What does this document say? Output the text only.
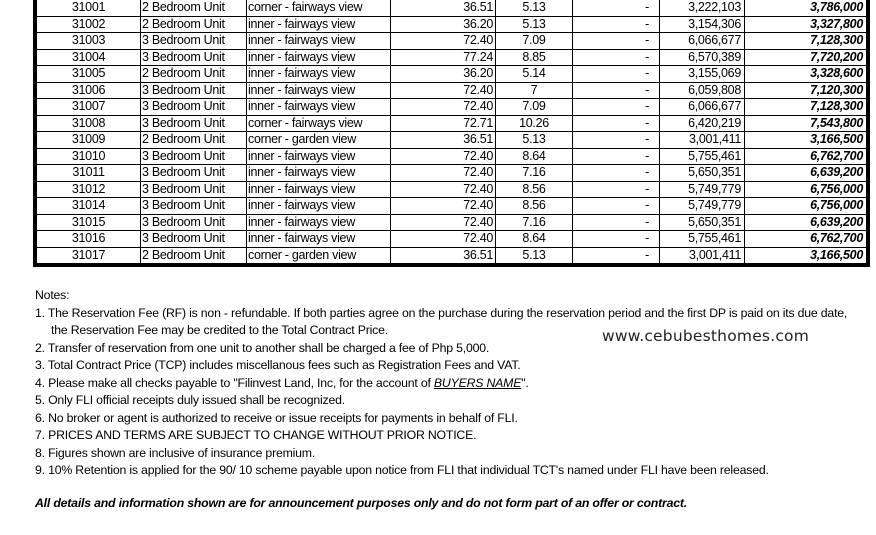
31001	2 Bedroom Unit	corner - fairways view	36.51	5.13	-	3,222,103	3,786,000
31002	2 Bedroom Unit	inner - fairways view	36.20	5.13	-	3,154,306	3,327,800
31003	3 Bedroom Unit	inner - fairways view	72.40	7.09	-	6,066,677	7,128,300
31004	3 Bedroom Unit	inner - fairways view	77.24	8.85	-	6,570,389	7,720,200
31005	2 Bedroom Unit	inner - fairways view	36.20	5.14	-	3,155,069	3,328,600
31006	3 Bedroom Unit	inner - fairways view	72.40	7	-	6,059,808	7,120,300
31007	3 Bedroom Unit	inner - fairways view	72.40	7.09	-	6,066,677	7,128,300
31008	3 Bedroom Unit	corner - fairways view	72.71	10.26	-	6,420,219	7,543,800
31009	2 Bedroom Unit	corner - garden view	36.51	5.13	-	3,001,411	3,166,500
31010	3 Bedroom Unit	inner - fairways view	72.40	8.64	-	5,755,461	6,762,700
31011	3 Bedroom Unit	inner - fairways view	72.40	7.16	-	5,650,351	6,639,200
31012	3 Bedroom Unit	inner - fairways view	72.40	8.56	-	5,749,779	6,756,000
31014	3 Bedroom Unit	inner - fairways view	72.40	8.56	-	5,749,779	6,756,000
31015	3 Bedroom Unit	inner - fairways view	72.40	7.16	-	5,650,351	6,639,200
31016	3 Bedroom Unit	inner - fairways view	72.40	8.64	-	5,755,461	6,762,700
31017	2 Bedroom Unit	corner - garden view	36.51	5.13	-	3,001,411	3,166,500
Notes:
1. The Reservation Fee (RF) is non - refundable. If both parties agree on the purchase during the reservation period and the first DP is paid on its due date,
the Reservation Fee may be credited to the Total Contract Price.
2. Transfer of reservation from one unit to another shall be charged a fee of Php 5,000.
3. Total Contract Price (TCP) includes miscellanous fees such as Registration Fees and VAT.
4. Please make all checks payable to "Filinvest Land, Inc, for the account of BUYERS NAME".
5. Only FLI official receipts duly issued shall be recognized.
6. No broker or agent is authorized to receive or issue receipts for payments in behalf of FLI.
7. PRICES AND TERMS ARE SUBJECT TO CHANGE WITHOUT PRIOR NOTICE.
8. Figures shown are inclusive of insurance premium.
9. 10% Retention is applied for the 90/ 10 scheme payable upon notice from FLI that individual TCT's named under FLI have been released.
www.cebubesthomes.com
All details and information shown are for announcement purposes only and do not form part of an offer or contract.
